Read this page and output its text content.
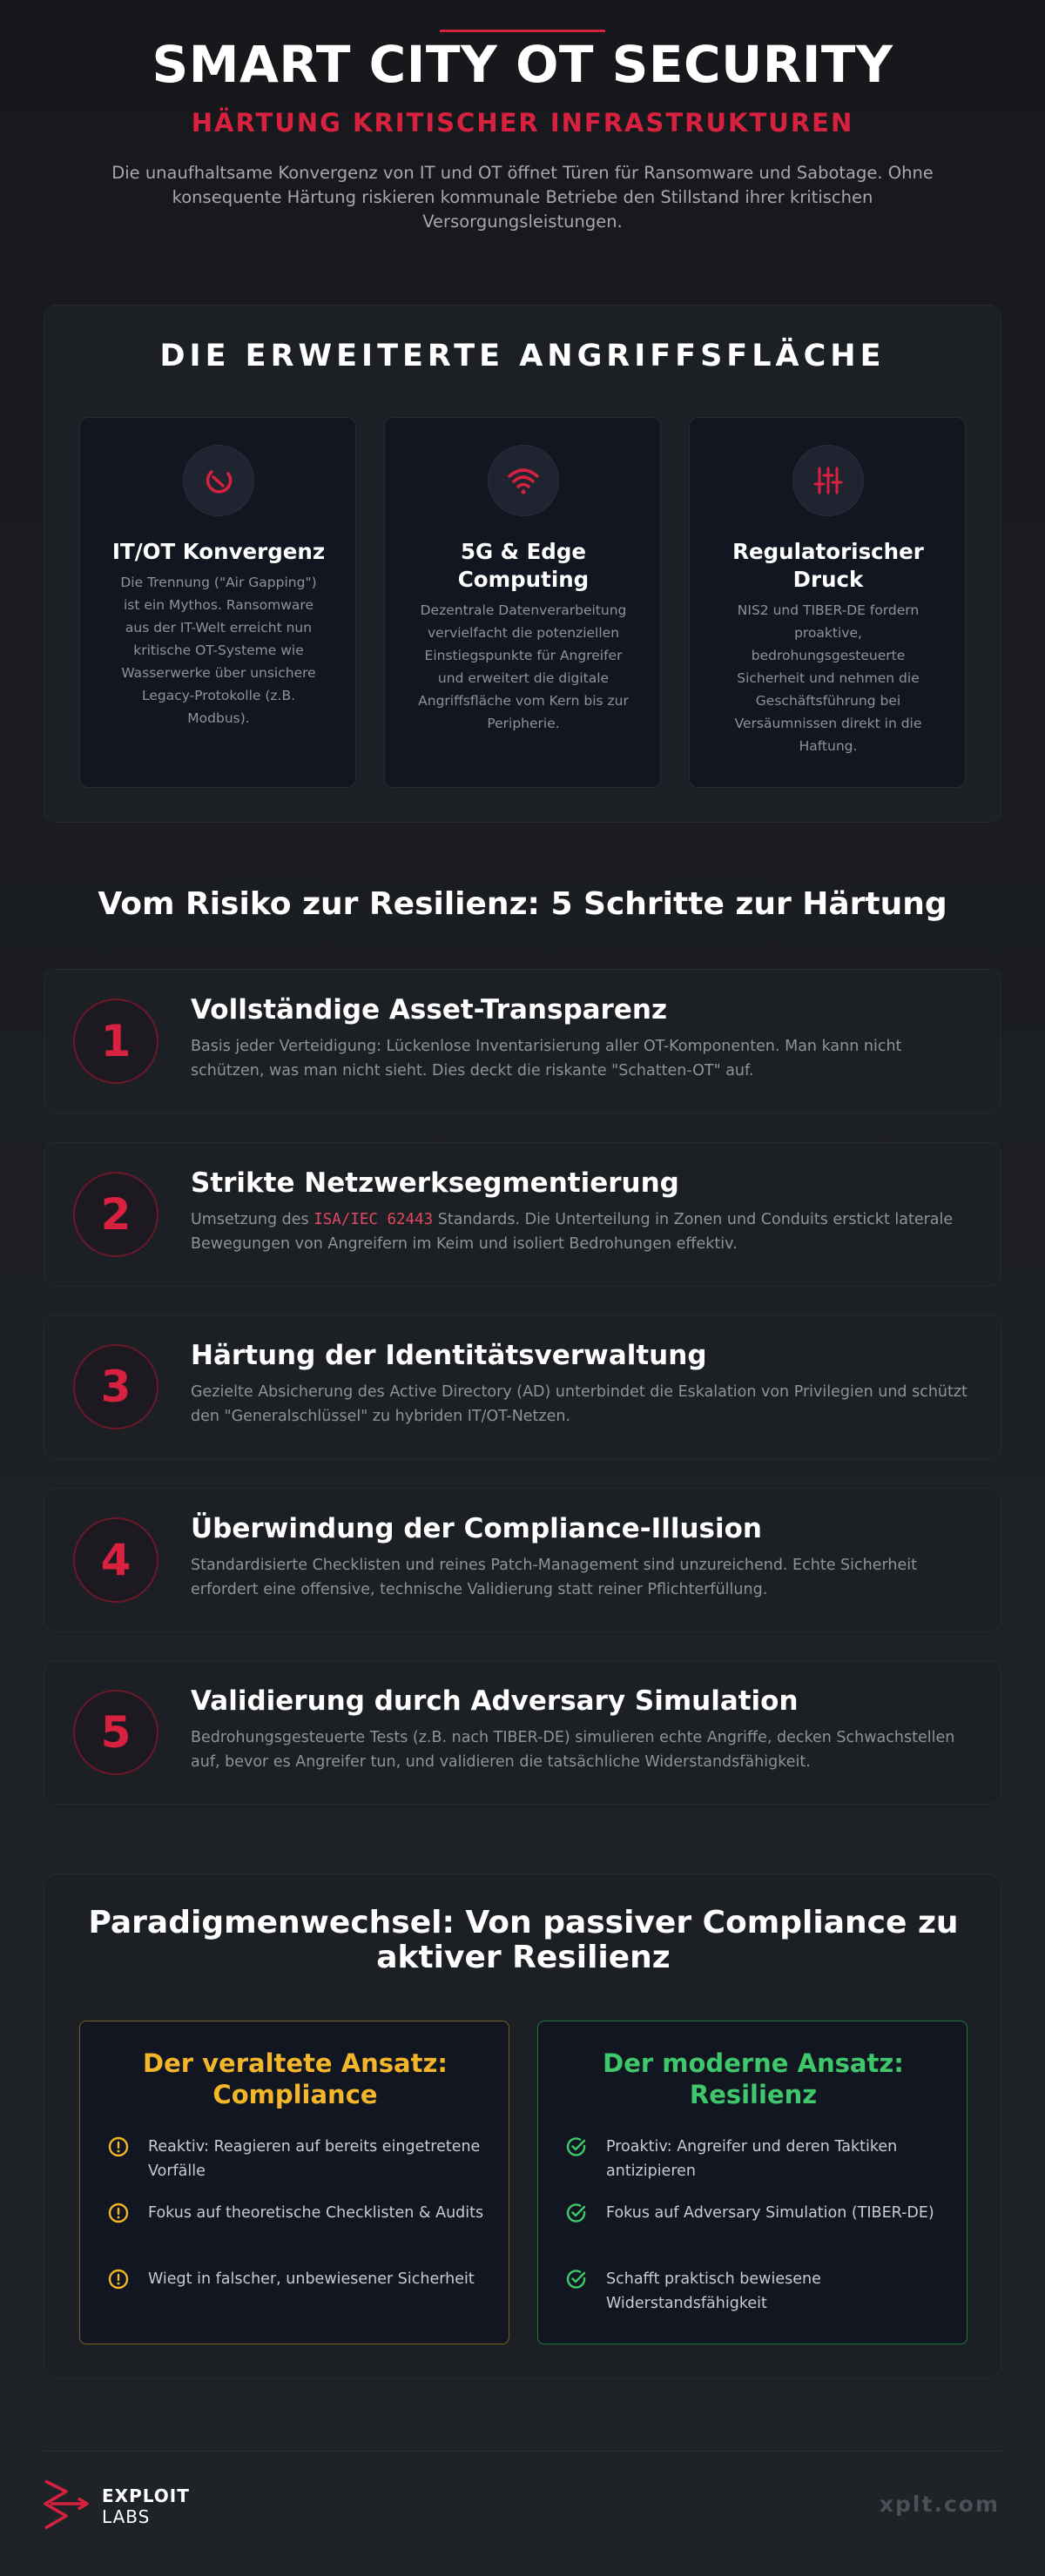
SMART CITY OT SECURITY
HÄRTUNG KRITISCHER INFRASTRUKTUREN

Die unaufhaltsame Konvergenz von IT und OT öffnet Türen für Ransomware und Sabotage. Ohne konsequente Härtung riskieren kommunale Betriebe den Stillstand ihrer kritischen Versorgungsleistungen.

DIE ERWEITERTE ANGRIFFSFLÄCHE
IT/OT Konvergenz
Die Trennung ("Air Gapping") ist ein Mythos. Ransomware aus der IT-Welt erreicht nun kritische OT-Systeme wie Wasserwerke über unsichere Legacy-Protokolle (z.B. Modbus).
5G & Edge Computing
Dezentrale Datenverarbeitung vervielfacht die potenziellen Einstiegspunkte für Angreifer und erweitert die digitale Angriffsfläche vom Kern bis zur Peripherie.
Regulatorischer Druck
NIS2 und TIBER-DE fordern proaktive, bedrohungsgesteuerte Sicherheit und nehmen die Geschäftsführung bei Versäumnissen direkt in die Haftung.
Vom Risiko zur Resilienz: 5 Schritte zur Härtung
1
Vollständige Asset-Transparenz
Basis jeder Verteidigung: Lückenlose Inventarisierung aller OT-Komponenten. Man kann nicht schützen, was man nicht sieht. Dies deckt die riskante "Schatten-OT" auf.
2
Strikte Netzwerksegmentierung
Umsetzung des ISA/IEC 62443 Standards. Die Unterteilung in Zonen und Conduits erstickt laterale Bewegungen von Angreifern im Keim und isoliert Bedrohungen effektiv.
3
Härtung der Identitätsverwaltung
Gezielte Absicherung des Active Directory (AD) unterbindet die Eskalation von Privilegien und schützt den "Generalschlüssel" zu hybriden IT/OT-Netzen.
4
Überwindung der Compliance-Illusion
Standardisierte Checklisten und reines Patch-Management sind unzureichend. Echte Sicherheit erfordert eine offensive, technische Validierung statt reiner Pflichterfüllung.
5
Validierung durch Adversary Simulation
Bedrohungsgesteuerte Tests (z.B. nach TIBER-DE) simulieren echte Angriffe, decken Schwachstellen auf, bevor es Angreifer tun, und validieren die tatsächliche Widerstandsfähigkeit.
Paradigmenwechsel: Von passiver Compliance zu aktiver Resilienz
Der veraltete Ansatz: Compliance
Reaktiv: Reagieren auf bereits eingetretene Vorfälle
Fokus auf theoretische Checklisten & Audits
Wiegt in falscher, unbewiesener Sicherheit
Der moderne Ansatz: Resilienz
Proaktiv: Angreifer und deren Taktiken antizipieren
Fokus auf Adversary Simulation (TIBER-DE)
Schafft praktisch bewiesene Widerstandsfähigkeit
EXPLOIT
LABS	xplt.com
